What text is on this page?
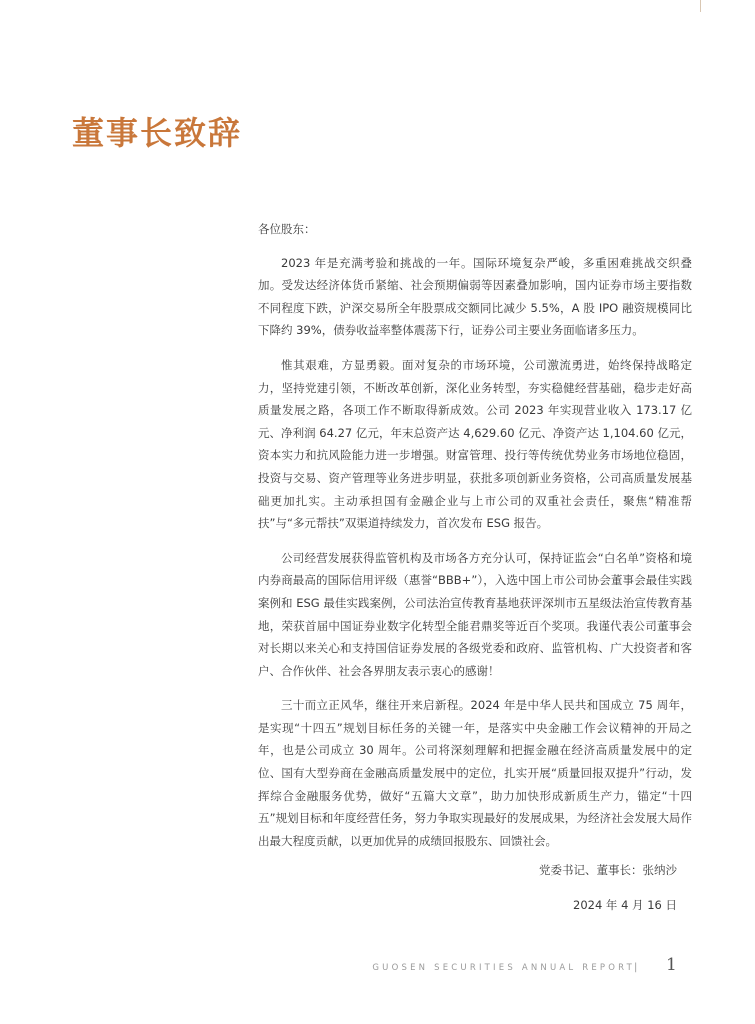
董事长致辞

各位股东：

2023 年是充满考验和挑战的一年。国际环境复杂严峻，多重困难挑战交织叠加。受发达经济体货币紧缩、社会预期偏弱等因素叠加影响，国内证券市场主要指数不同程度下跌，沪深交易所全年股票成交额同比减少 5.5%，A 股 IPO 融资规模同比下降约 39%，债券收益率整体震荡下行，证券公司主要业务面临诸多压力。

惟其艰难，方显勇毅。面对复杂的市场环境，公司激流勇进，始终保持战略定力，坚持党建引领，不断改革创新，深化业务转型，夯实稳健经营基础，稳步走好高质量发展之路，各项工作不断取得新成效。公司 2023 年实现营业收入 173.17 亿元、净利润 64.27 亿元，年末总资产达 4,629.60 亿元、净资产达 1,104.60 亿元，资本实力和抗风险能力进一步增强。财富管理、投行等传统优势业务市场地位稳固，投资与交易、资产管理等业务进步明显，获批多项创新业务资格，公司高质量发展基础更加扎实。主动承担国有金融企业与上市公司的双重社会责任，聚焦“精准帮扶”与“多元帮扶”双渠道持续发力，首次发布 ESG 报告。

公司经营发展获得监管机构及市场各方充分认可，保持证监会“白名单”资格和境内券商最高的国际信用评级（惠誉“BBB+”），入选中国上市公司协会董事会最佳实践案例和 ESG 最佳实践案例，公司法治宣传教育基地获评深圳市五星级法治宣传教育基地，荣获首届中国证券业数字化转型全能君鼎奖等近百个奖项。我谨代表公司董事会对长期以来关心和支持国信证券发展的各级党委和政府、监管机构、广大投资者和客户、合作伙伴、社会各界朋友表示衷心的感谢！

三十而立正风华，继往开来启新程。2024 年是中华人民共和国成立 75 周年，是实现“十四五”规划目标任务的关键一年，是落实中央金融工作会议精神的开局之年，也是公司成立 30 周年。公司将深刻理解和把握金融在经济高质量发展中的定位、国有大型券商在金融高质量发展中的定位，扎实开展“质量回报双提升”行动，发挥综合金融服务优势，做好“五篇大文章”，助力加快形成新质生产力，锚定“十四五”规划目标和年度经营任务，努力争取实现最好的发展成果，为经济社会发展大局作出最大程度贡献，以更加优异的成绩回报股东、回馈社会。

党委书记、董事长：张纳沙
2024 年 4 月 16 日
GUOSEN SECURITIES ANNUAL REPORT | 1
